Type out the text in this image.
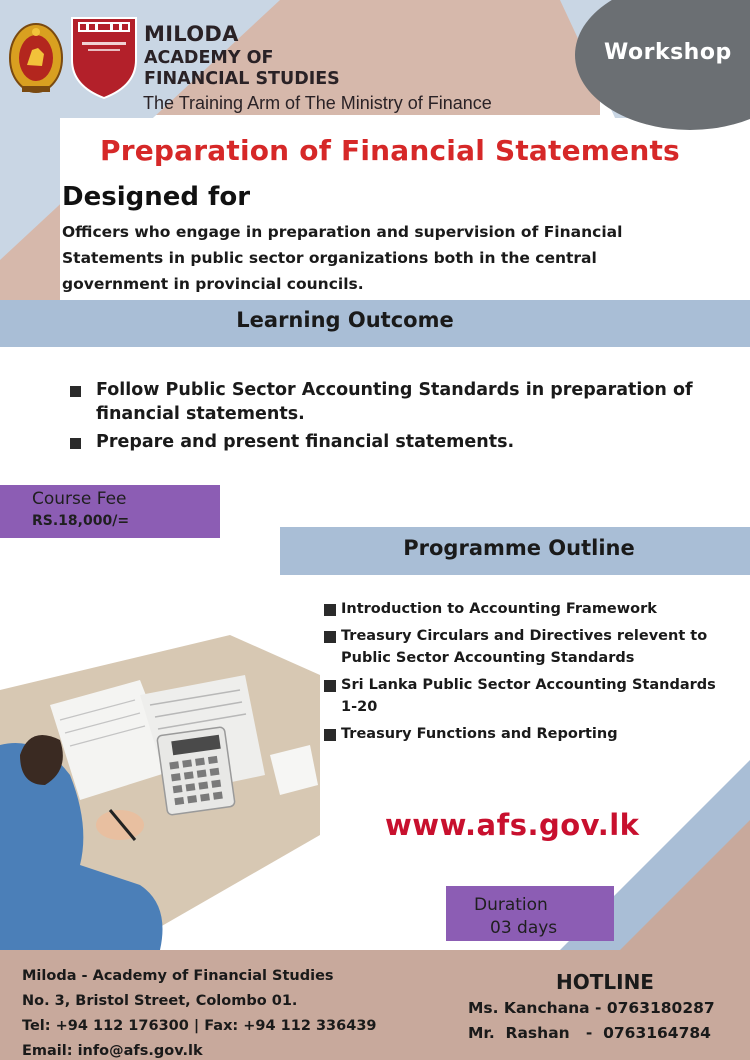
MILODA
ACADEMY OF
FINANCIAL STUDIES
The Training Arm of The Ministry of Finance
Workshop
Preparation of Financial Statements
Designed for
Officers who engage in preparation and supervision of Financial
Statements in public sector organizations both in the central
government in provincial councils.
Learning Outcome
Follow Public Sector Accounting Standards in preparation of
financial statements.
Prepare and present financial statements.
Course Fee
RS.18,000/=
Programme Outline
Introduction to Accounting Framework
Treasury Circulars and Directives relevent to
Public Sector Accounting Standards
Sri Lanka Public Sector Accounting Standards
1-20
Treasury Functions and Reporting
www.afs.gov.lk
Duration
03 days
Miloda - Academy of Financial Studies
No. 3, Bristol Street, Colombo 01.
Tel: +94 112 176300 | Fax: +94 112 336439
Email: info@afs.gov.lk
HOTLINE
Ms. Kanchana - 0763180287
Mr.  Rashan   -  0763164784
